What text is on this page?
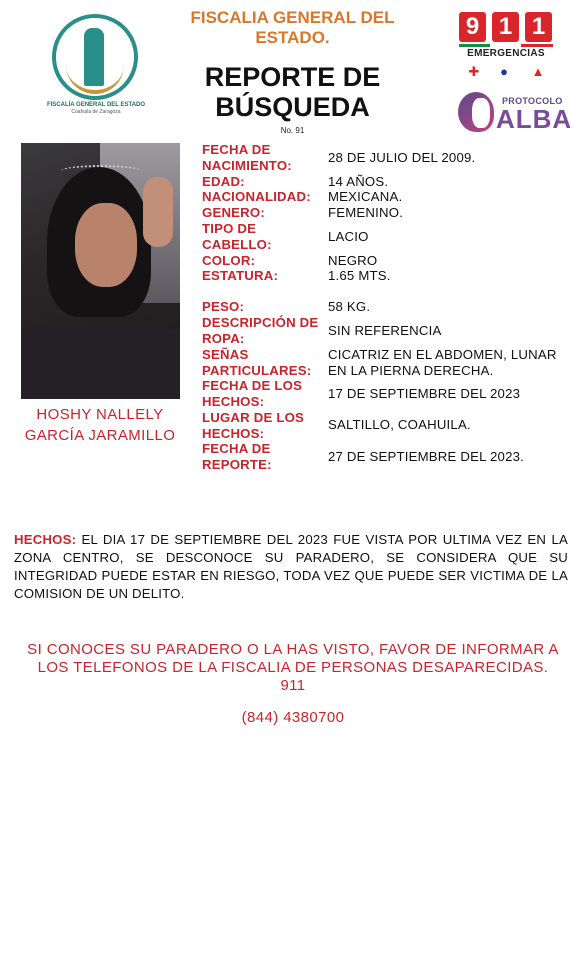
FISCALÍA GENERAL DEL ESTADO
Coahuila de Zaragoza
FISCALIA GENERAL DEL ESTADO.
REPORTE DE BÚSQUEDA
No. 91
9 1 1
EMERGENCIAS
✚ ● ▲
PROTOCOLO
ALBA
HOSHY NALLELY
GARCÍA JARAMILLO
FECHA DE NACIMIENTO:	28 DE JULIO DEL 2009.
EDAD:	14 AÑOS.
NACIONALIDAD:	MEXICANA.
GENERO:	FEMENINO.
TIPO DE CABELLO:	LACIO
COLOR:	NEGRO
ESTATURA:	1.65 MTS.
PESO:	58 KG.
DESCRIPCIÓN DE ROPA:	SIN REFERENCIA
SEÑAS PARTICULARES:
CICATRIZ EN EL ABDOMEN, LUNAR EN LA PIERNA DERECHA.
FECHA DE LOS HECHOS:	17 DE SEPTIEMBRE DEL 2023
LUGAR DE LOS HECHOS:
SALTILLO, COAHUILA.
FECHA DE REPORTE:	27 DE SEPTIEMBRE DEL 2023.
HECHOS: EL DIA 17 DE SEPTIEMBRE DEL 2023 FUE VISTA POR ULTIMA VEZ EN LA ZONA CENTRO, SE DESCONOCE SU PARADERO, SE CONSIDERA QUE SU INTEGRIDAD PUEDE ESTAR EN RIESGO, TODA VEZ QUE PUEDE SER VICTIMA DE LA COMISION DE UN DELITO.
SI CONOCES SU PARADERO O LA HAS VISTO, FAVOR DE INFORMAR A
LOS TELEFONOS DE LA FISCALIA DE PERSONAS DESAPARECIDAS.
911
(844) 4380700
